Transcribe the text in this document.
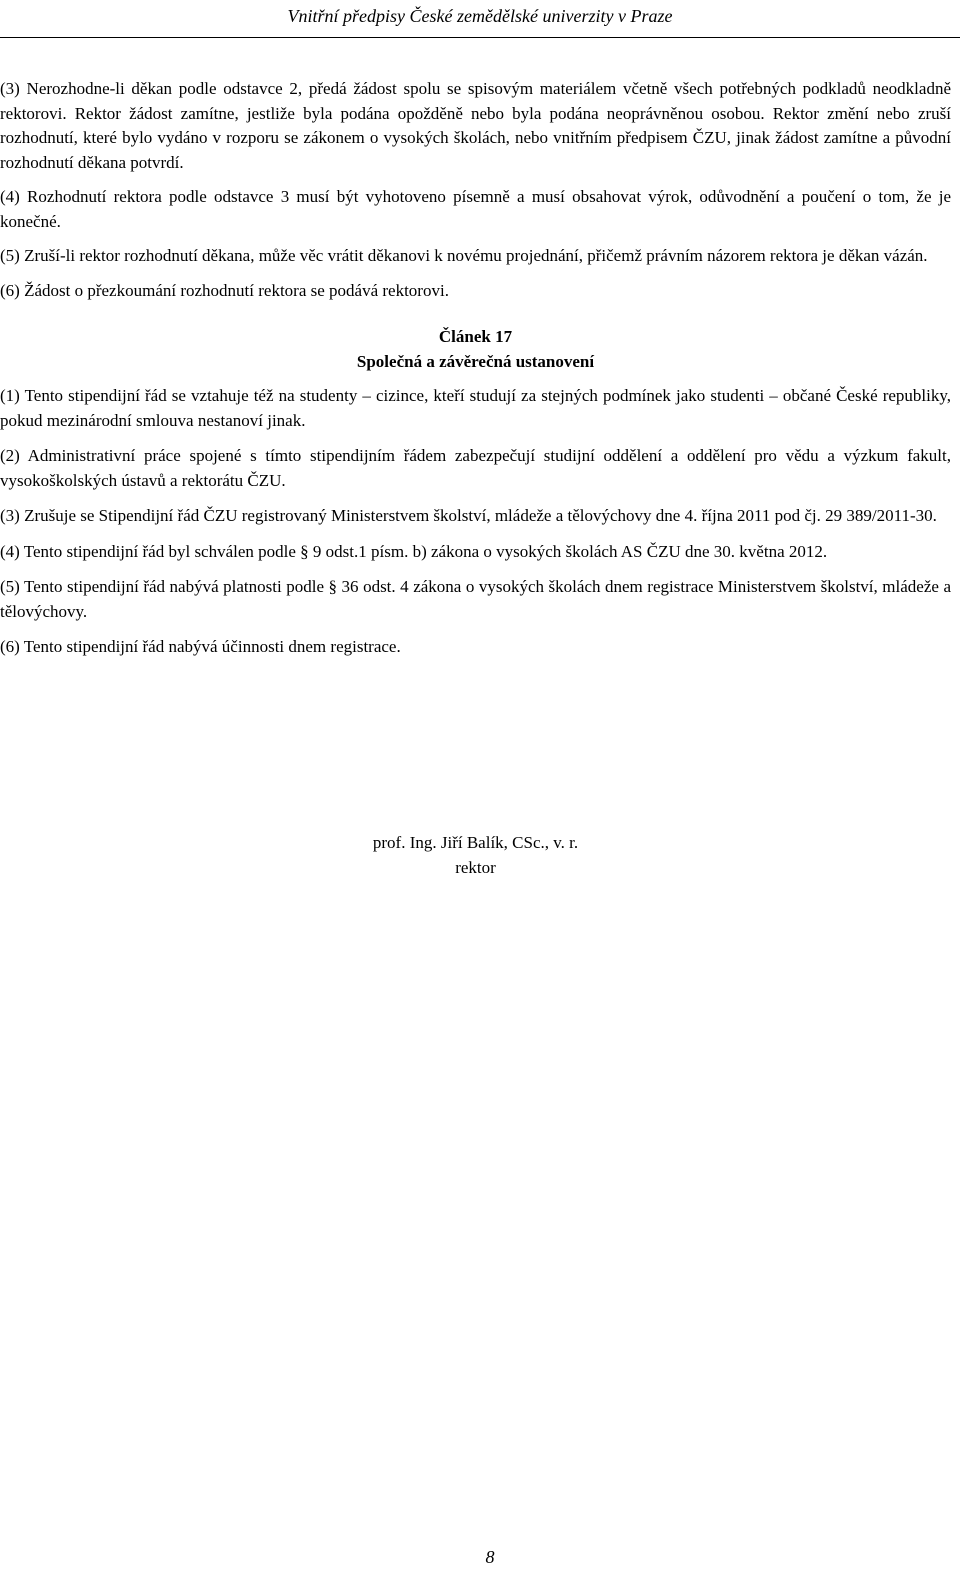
Vnitřní předpisy České zemědělské univerzity v Praze

(3) Nerozhodne-li děkan podle odstavce 2, předá žádost spolu se spisovým materiálem včetně všech potřebných podkladů neodkladně rektorovi. Rektor žádost zamítne, jestliže byla podána opožděně nebo byla podána neoprávněnou osobou. Rektor změní nebo zruší rozhodnutí, které bylo vydáno v rozporu se zákonem o vysokých školách, nebo vnitřním předpisem ČZU, jinak žádost zamítne a původní rozhodnutí děkana potvrdí.

(4) Rozhodnutí rektora podle odstavce 3 musí být vyhotoveno písemně a musí obsahovat výrok, odůvodnění a poučení o tom, že je konečné.

(5) Zruší-li rektor rozhodnutí děkana, může věc vrátit děkanovi k novému projednání, přičemž právním názorem rektora je děkan vázán.

(6) Žádost o přezkoumání rozhodnutí rektora se podává rektorovi.

Článek 17
Společná a závěrečná ustanovení

(1) Tento stipendijní řád se vztahuje též na studenty – cizince, kteří studují za stejných podmínek jako studenti – občané České republiky, pokud mezinárodní smlouva nestanoví jinak.

(2) Administrativní práce spojené s tímto stipendijním řádem zabezpečují studijní oddělení a oddělení pro vědu a výzkum fakult, vysokoškolských ústavů a rektorátu ČZU.

(3) Zrušuje se Stipendijní řád ČZU registrovaný Ministerstvem školství, mládeže a tělovýchovy dne 4. října 2011 pod čj. 29 389/2011-30.

(4) Tento stipendijní řád byl schválen podle § 9 odst.1 písm. b) zákona o vysokých školách AS ČZU dne 30. května 2012.

(5) Tento stipendijní řád nabývá platnosti podle § 36 odst. 4 zákona o vysokých školách dnem registrace Ministerstvem školství, mládeže a tělovýchovy.

(6) Tento stipendijní řád nabývá účinnosti dnem registrace.

prof. Ing. Jiří Balík, CSc., v. r.
rektor
8
